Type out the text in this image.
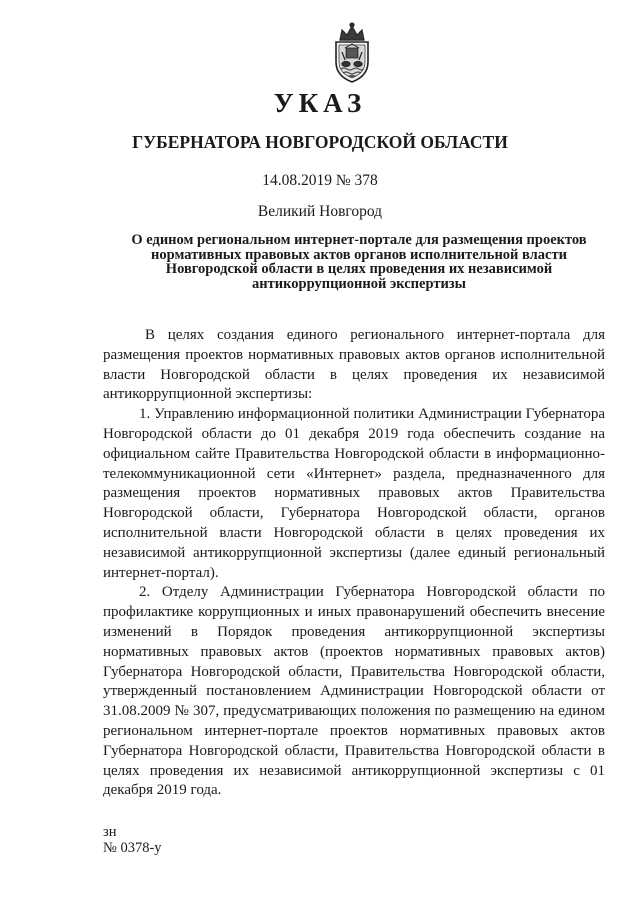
УКАЗ
ГУБЕРНАТОРА НОВГОРОДСКОЙ ОБЛАСТИ

14.08.2019 № 378

Великий Новгород

О едином региональном интернет-портале для размещения проектов
нормативных правовых актов органов исполнительной власти
Новгородской области в целях проведения их независимой
антикоррупционной экспертизы

В целях создания единого регионального интернет-портала для размещения проектов нормативных правовых актов органов исполнительной власти Новгородской области в целях проведения их независимой антикоррупционной экспертизы:

1. Управлению информационной политики Администрации Губернатора Новгородской области до 01 декабря 2019 года обеспечить создание на официальном сайте Правительства Новгородской области в информационно-телекоммуникационной сети «Интернет» раздела, предназначенного для размещения проектов нормативных правовых актов Правительства Новгородской области, Губернатора Новгородской области, органов исполнительной власти Новгородской области в целях проведения их независимой антикоррупционной экспертизы (далее единый региональный интернет-портал).

2. Отделу Администрации Губернатора Новгородской области по профилактике коррупционных и иных правонарушений обеспечить внесение изменений в Порядок проведения антикоррупционной экспертизы нормативных правовых актов (проектов нормативных правовых актов) Губернатора Новгородской области, Правительства Новгородской области, утвержденный постановлением Администрации Новгородской области от 31.08.2009 № 307, предусматривающих положения по размещению на едином региональном интернет-портале проектов нормативных правовых актов Губернатора Новгородской области, Правительства Новгородской области в целях проведения их независимой антикоррупционной экспертизы с 01 декабря 2019 года.

зн
№ 0378-у
